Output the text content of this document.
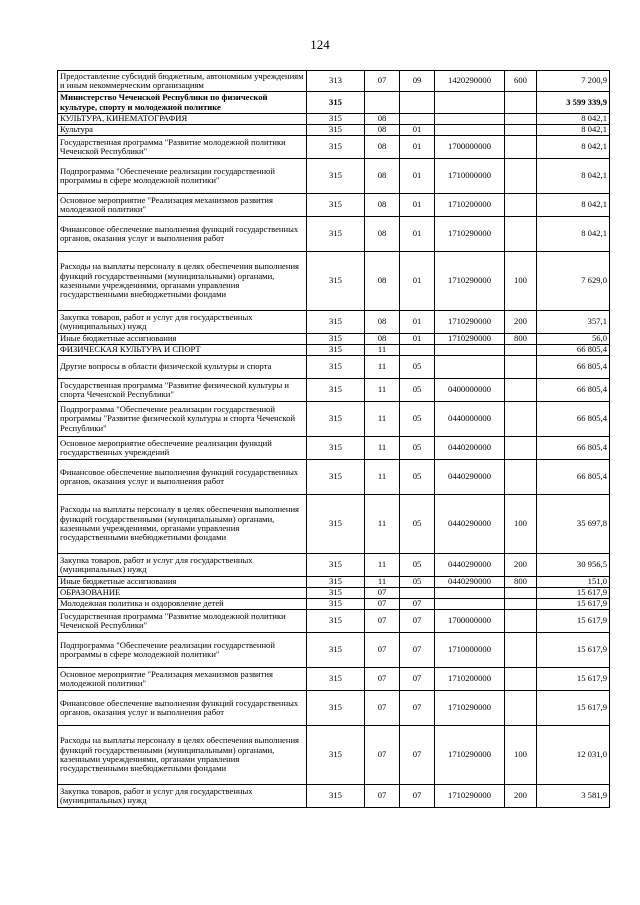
124
Предоставление субсидий бюджетным, автономным учреждениям и иным некоммерческим организациям	313	07	09	1420290000	600	7 200,9
Министерство Чеченской Республики по физической культуре, спорту и молодежной политике	315					3 599 339,9
КУЛЬТУРА, КИНЕМАТОГРАФИЯ	315	08				8 042,1
Культура	315	08	01			8 042,1
Государственная программа "Развитие молодежной политики Чеченской Республики"	315	08	01	1700000000		8 042,1
Подпрограмма "Обеспечение реализации государственной программы в сфере молодежной политики"	315	08	01	1710000000		8 042,1
Основное мероприятие "Реализация механизмов развития молодежной политики"	315	08	01	1710200000		8 042,1
Финансовое обеспечение выполнения функций государственных органов, оказания услуг и выполнения работ	315	08	01	1710290000		8 042,1
Расходы на выплаты персоналу в целях обеспечения выполнения функций государственными (муниципальными) органами, казенными учреждениями, органами управления государственными внебюджетными фондами	315	08	01	1710290000	100	7 629,0
Закупка товаров, работ и услуг для государственных (муниципальных) нужд	315	08	01	1710290000	200	357,1
Иные бюджетные ассигнования	315	08	01	1710290000	800	56,0
ФИЗИЧЕСКАЯ КУЛЬТУРА И СПОРТ	315	11				66 805,4
Другие вопросы в области физической культуры и спорта	315	11	05			66 805,4
Государственная программа "Развитие физической культуры и спорта Чеченской Республики"	315	11	05	0400000000		66 805,4
Подпрограмма "Обеспечение реализации государственной программы "Развитие физической культуры и спорта Чеченской Республики"	315	11	05	0440000000		66 805,4
Основное мероприятие обеспечение реализации функций государственных учреждений	315	11	05	0440200000		66 805,4
Финансовое обеспечение выполнения функций государственных органов, оказания услуг и выполнения работ	315	11	05	0440290000		66 805,4
Расходы на выплаты персоналу в целях обеспечения выполнения функций государственными (муниципальными) органами, казенными учреждениями, органами управления государственными внебюджетными фондами	315	11	05	0440290000	100	35 697,8
Закупка товаров, работ и услуг для государственных (муниципальных) нужд	315	11	05	0440290000	200	30 956,5
Иные бюджетные ассигнования	315	11	05	0440290000	800	151,0
ОБРАЗОВАНИЕ	315	07				15 617,9
Молодежная политика и оздоровление детей	315	07	07			15 617,9
Государственная программа "Развитие молодежной политики Чеченской Республики"	315	07	07	1700000000		15 617,9
Подпрограмма "Обеспечение реализации государственной программы в сфере молодежной политики"	315	07	07	1710000000		15 617,9
Основное мероприятие "Реализация механизмов развития молодежной политики"	315	07	07	1710200000		15 617,9
Финансовое обеспечение выполнения функций государственных органов, оказания услуг и выполнения работ	315	07	07	1710290000		15 617,9
Расходы на выплаты персоналу в целях обеспечения выполнения функций государственными (муниципальными) органами, казенными учреждениями, органами управления государственными внебюджетными фондами	315	07	07	1710290000	100	12 031,0
Закупка товаров, работ и услуг для государственных (муниципальных) нужд	315	07	07	1710290000	200	3 581,9
